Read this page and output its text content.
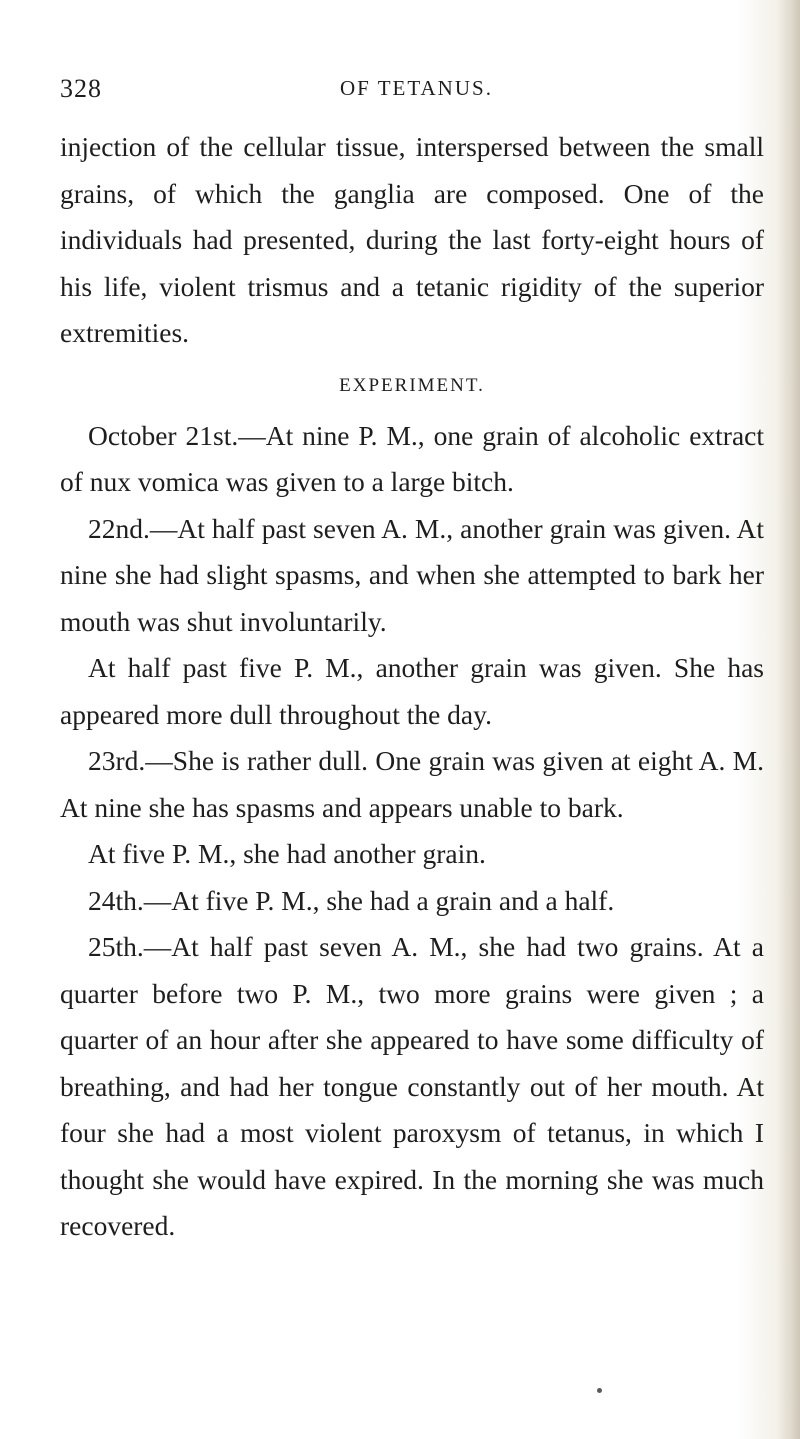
328	OF TETANUS.

injection of the cellular tissue, interspersed between the small grains, of which the ganglia are composed. One of the individuals had presented, during the last forty-eight hours of his life, violent trismus and a tetanic rigidity of the superior extremities.

EXPERIMENT.

October 21st.—At nine P. M., one grain of alcoholic extract of nux vomica was given to a large bitch.

22nd.—At half past seven A. M., another grain was given. At nine she had slight spasms, and when she attempted to bark her mouth was shut involuntarily.

At half past five P. M., another grain was given. She has appeared more dull throughout the day.

23rd.—She is rather dull. One grain was given at eight A. M. At nine she has spasms and appears unable to bark.

At five P. M., she had another grain.

24th.—At five P. M., she had a grain and a half.

25th.—At half past seven A. M., she had two grains. At a quarter before two P. M., two more grains were given ; a quarter of an hour after she appeared to have some difficulty of breathing, and had her tongue constantly out of her mouth. At four she had a most violent paroxysm of tetanus, in which I thought she would have expired. In the morning she was much recovered.
